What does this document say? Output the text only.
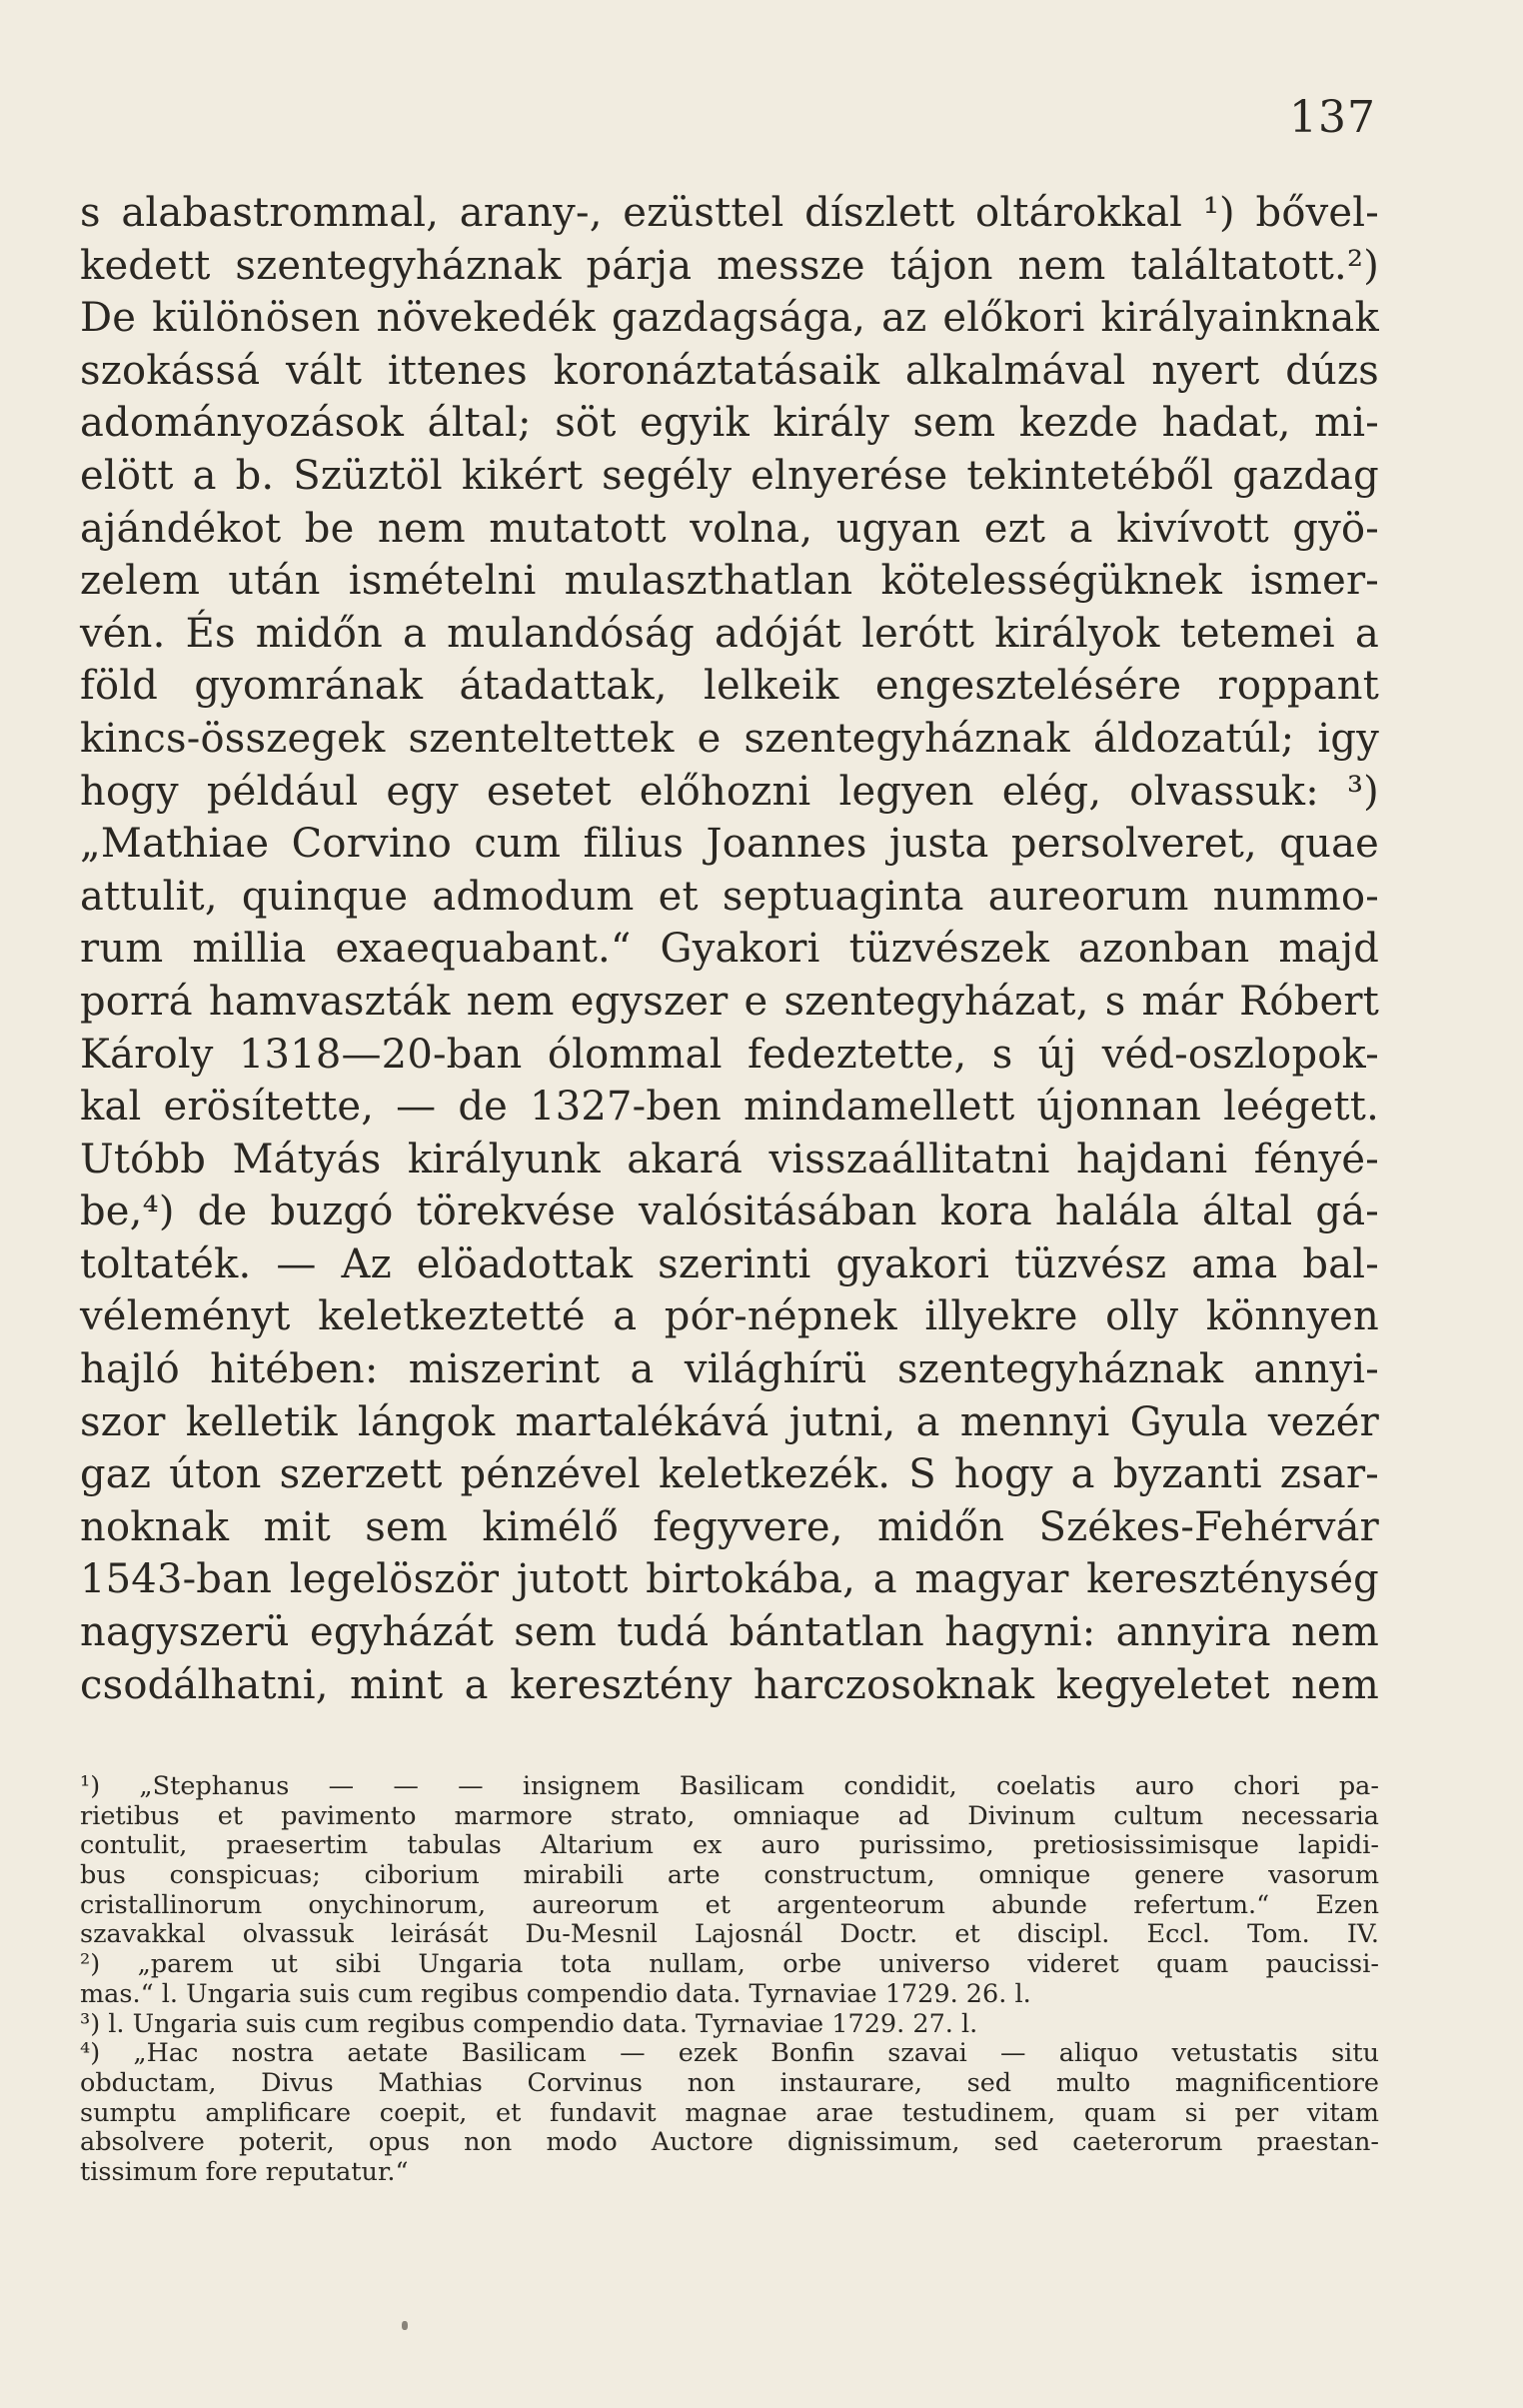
137
s alabastrommal, arany-, ezüsttel díszlett oltárokkal ¹) bővel-
kedett szentegyháznak párja messze tájon nem találtatott.²)
De különösen növekedék gazdagsága, az előkori királyainknak
szokássá vált ittenes koronáztatásaik alkalmával nyert dúzs
adományozások által; söt egyik király sem kezde hadat, mi-
elött a b. Szüztöl kikért segély elnyerése tekintetéből gazdag
ajándékot be nem mutatott volna, ugyan ezt a kivívott gyö-
zelem után ismételni mulaszthatlan kötelességüknek ismer-
vén. És midőn a mulandóság adóját lerótt királyok tetemei a
föld gyomrának átadattak, lelkeik engesztelésére roppant
kincs-összegek szenteltettek e szentegyháznak áldozatúl; igy
hogy például egy esetet előhozni legyen elég, olvassuk: ³)
„Mathiae Corvino cum filius Joannes justa persolveret, quae
attulit, quinque admodum et septuaginta aureorum nummo-
rum millia exaequabant.“ Gyakori tüzvészek azonban majd
porrá hamvaszták nem egyszer e szentegyházat, s már Róbert
Károly 1318—20-ban ólommal fedeztette, s új véd-oszlopok-
kal erösítette, — de 1327-ben mindamellett újonnan leégett.
Utóbb Mátyás királyunk akará visszaállitatni hajdani fényé-
be,⁴) de buzgó törekvése valósitásában kora halála által gá-
toltaték. — Az elöadottak szerinti gyakori tüzvész ama bal-
véleményt keletkeztetté a pór-népnek illyekre olly könnyen
hajló hitében: miszerint a világhírü szentegyháznak annyi-
szor kelletik lángok martalékává jutni, a mennyi Gyula vezér
gaz úton szerzett pénzével keletkezék. S hogy a byzanti zsar-
noknak mit sem kimélő fegyvere, midőn Székes-Fehérvár
1543-ban legelöször jutott birtokába, a magyar kereszténység
nagyszerü egyházát sem tudá bántatlan hagyni: annyira nem
csodálhatni, mint a keresztény harczosoknak kegyeletet nem
¹) „Stephanus — — — insignem Basilicam condidit, coelatis auro chori pa-
rietibus et pavimento marmore strato, omniaque ad Divinum cultum necessaria
contulit, praesertim tabulas Altarium ex auro purissimo, pretiosissimisque lapidi-
bus conspicuas; ciborium mirabili arte constructum, omnique genere vasorum
cristallinorum onychinorum, aureorum et argenteorum abunde refertum.“ Ezen
szavakkal olvassuk leirását Du-Mesnil Lajosnál Doctr. et discipl. Eccl. Tom. IV.
²) „parem ut sibi Ungaria tota nullam, orbe universo videret quam paucissi-
mas.“ l. Ungaria suis cum regibus compendio data. Tyrnaviae 1729. 26. l.
³) l. Ungaria suis cum regibus compendio data. Tyrnaviae 1729. 27. l.
⁴) „Hac nostra aetate Basilicam — ezek Bonfin szavai — aliquo vetustatis situ
obductam, Divus Mathias Corvinus non instaurare, sed multo magnificentiore
sumptu amplificare coepit, et fundavit magnae arae testudinem, quam si per vitam
absolvere poterit, opus non modo Auctore dignissimum, sed caeterorum praestan-
tissimum fore reputatur.“
